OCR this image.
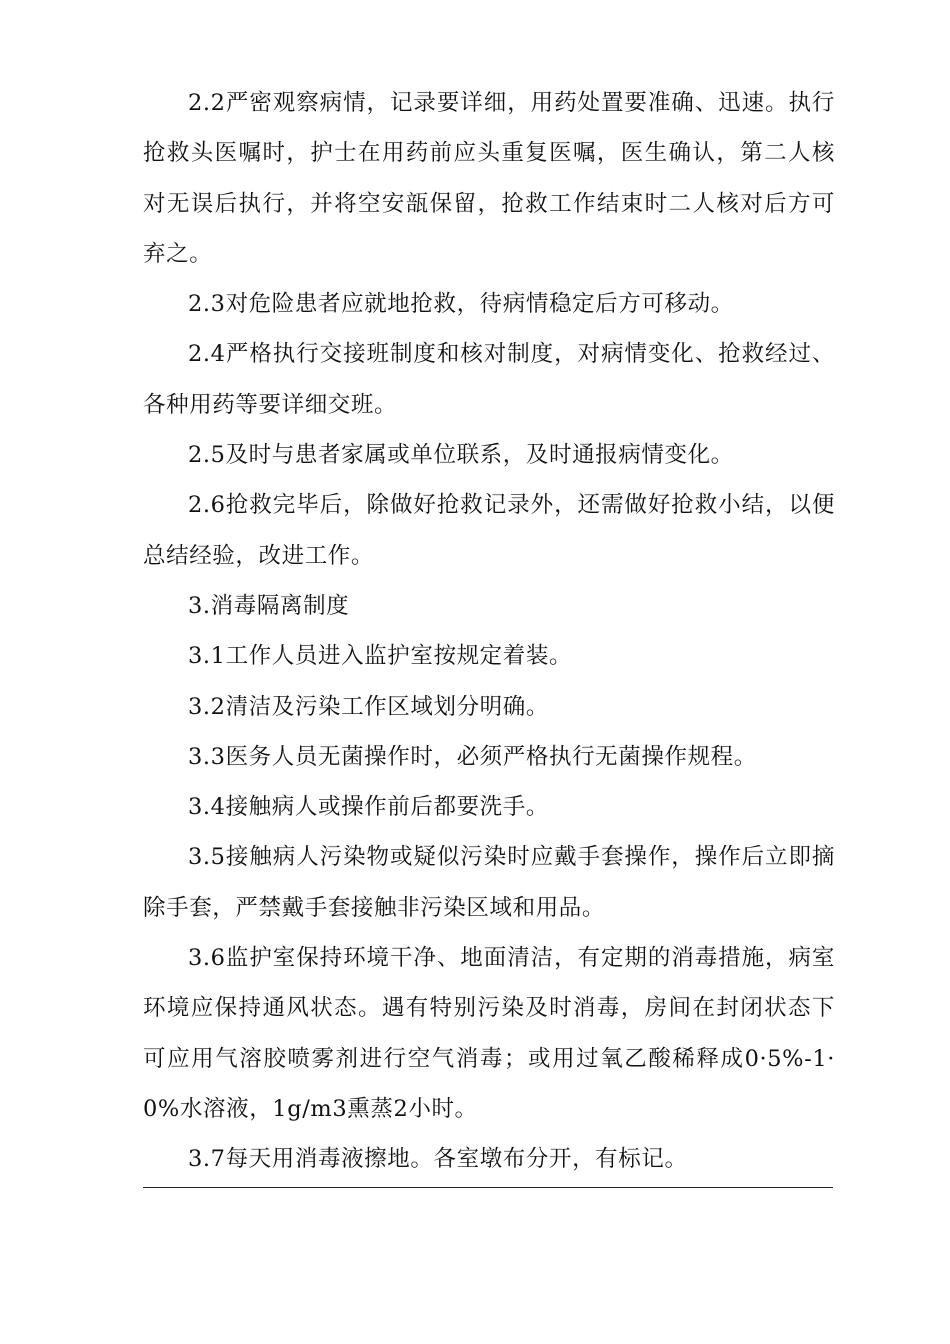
2.2严密观察病情，记录要详细，用药处置要准确、迅速。执行抢救头医嘱时，护士在用药前应头重复医嘱，医生确认，第二人核对无误后执行，并将空安瓿保留，抢救工作结束时二人核对后方可弃之。

2.3对危险患者应就地抢救，待病情稳定后方可移动。

2.4严格执行交接班制度和核对制度，对病情变化、抢救经过、各种用药等要详细交班。

2.5及时与患者家属或单位联系，及时通报病情变化。

2.6抢救完毕后，除做好抢救记录外，还需做好抢救小结，以便总结经验，改进工作。

3.消毒隔离制度

3.1工作人员进入监护室按规定着装。

3.2清洁及污染工作区域划分明确。

3.3医务人员无菌操作时，必须严格执行无菌操作规程。

3.4接触病人或操作前后都要洗手。

3.5接触病人污染物或疑似污染时应戴手套操作，操作后立即摘除手套，严禁戴手套接触非污染区域和用品。

3.6监护室保持环境干净、地面清洁，有定期的消毒措施，病室环境应保持通风状态。遇有特别污染及时消毒，房间在封闭状态下可应用气溶胶喷雾剂进行空气消毒；或用过氧乙酸稀释成0·5%-1·0%水溶液，1g/m3熏蒸2小时。

3.7每天用消毒液擦地。各室墩布分开，有标记。
